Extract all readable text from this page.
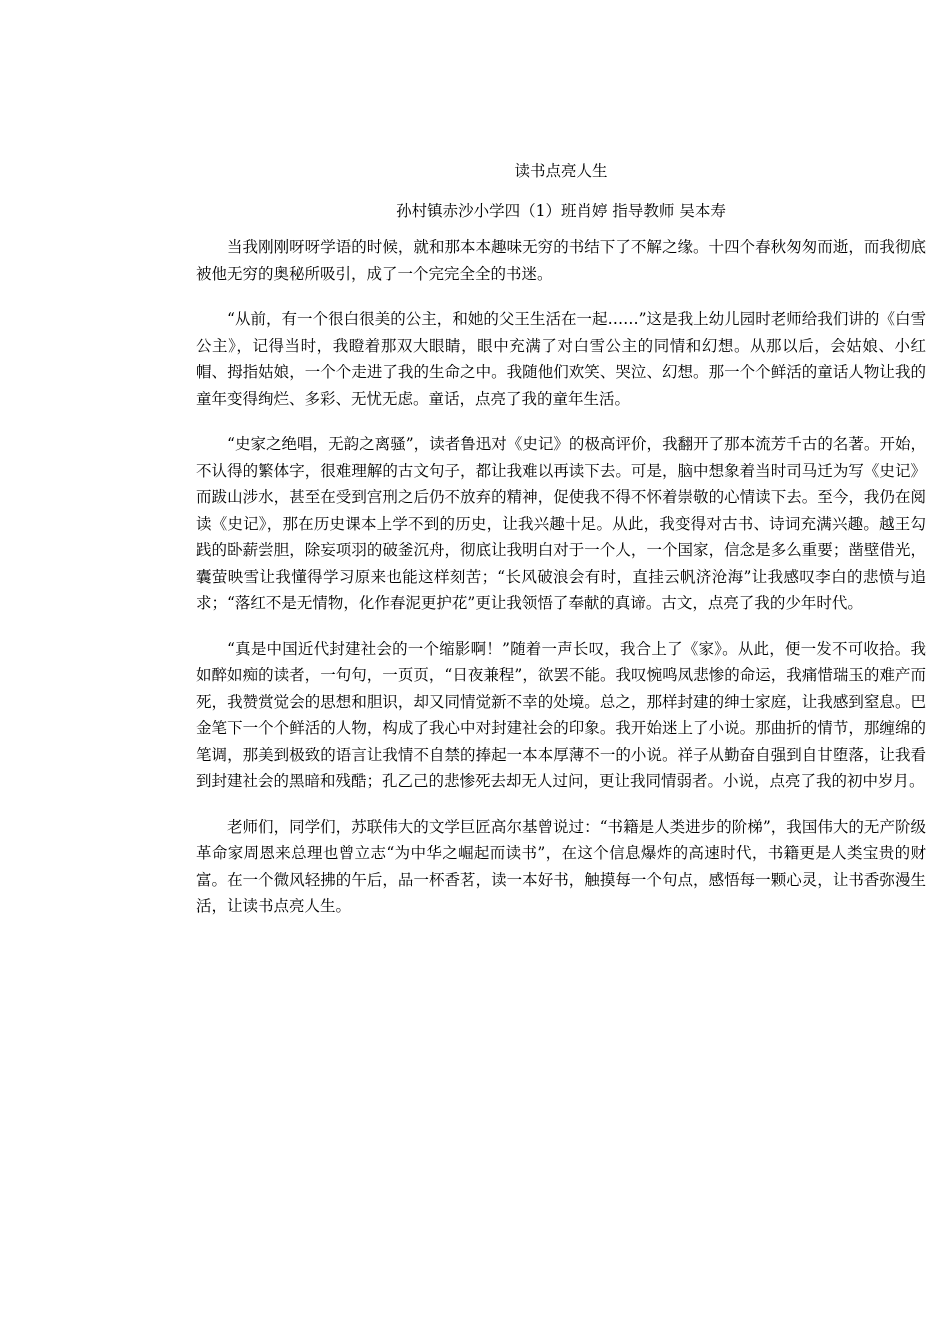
读书点亮人生
孙村镇赤沙小学四（1）班肖婷 指导教师 吴本寿

当我刚刚呀呀学语的时候，就和那本本趣味无穷的书结下了不解之缘。十四个春秋匆匆而逝，而我彻底被他无穷的奥秘所吸引，成了一个完完全全的书迷。

“从前，有一个很白很美的公主，和她的父王生活在一起……”这是我上幼儿园时老师给我们讲的《白雪公主》，记得当时，我瞪着那双大眼睛，眼中充满了对白雪公主的同情和幻想。从那以后，会姑娘、小红帽、拇指姑娘，一个个走进了我的生命之中。我随他们欢笑、哭泣、幻想。那一个个鲜活的童话人物让我的童年变得绚烂、多彩、无忧无虑。童话，点亮了我的童年生活。

“史家之绝唱，无韵之离骚”，读者鲁迅对《史记》的极高评价，我翻开了那本流芳千古的名著。开始，不认得的繁体字，很难理解的古文句子，都让我难以再读下去。可是，脑中想象着当时司马迁为写《史记》而跋山涉水，甚至在受到宫刑之后仍不放弃的精神，促使我不得不怀着崇敬的心情读下去。至今，我仍在阅读《史记》，那在历史课本上学不到的历史，让我兴趣十足。从此，我变得对古书、诗词充满兴趣。越王勾践的卧薪尝胆，除妄项羽的破釜沉舟，彻底让我明白对于一个人，一个国家，信念是多么重要；凿壁借光，囊萤映雪让我懂得学习原来也能这样刻苦；“长风破浪会有时，直挂云帆济沧海”让我感叹李白的悲愤与追求；“落红不是无情物，化作春泥更护花”更让我领悟了奉献的真谛。古文，点亮了我的少年时代。

“真是中国近代封建社会的一个缩影啊！”随着一声长叹，我合上了《家》。从此，便一发不可收拾。我如醉如痴的读者，一句句，一页页，“日夜兼程”，欲罢不能。我叹惋鸣凤悲惨的命运，我痛惜瑞玉的难产而死，我赞赏觉会的思想和胆识，却又同情觉新不幸的处境。总之，那样封建的绅士家庭，让我感到窒息。巴金笔下一个个鲜活的人物，构成了我心中对封建社会的印象。我开始迷上了小说。那曲折的情节，那缠绵的笔调，那美到极致的语言让我情不自禁的捧起一本本厚薄不一的小说。祥子从勤奋自强到自甘堕落，让我看到封建社会的黑暗和残酷；孔乙己的悲惨死去却无人过问，更让我同情弱者。小说，点亮了我的初中岁月。

老师们，同学们，苏联伟大的文学巨匠高尔基曾说过：“书籍是人类进步的阶梯”，我国伟大的无产阶级革命家周恩来总理也曾立志“为中华之崛起而读书”，在这个信息爆炸的高速时代，书籍更是人类宝贵的财富。在一个微风轻拂的午后，品一杯香茗，读一本好书，触摸每一个句点，感悟每一颗心灵，让书香弥漫生活，让读书点亮人生。
